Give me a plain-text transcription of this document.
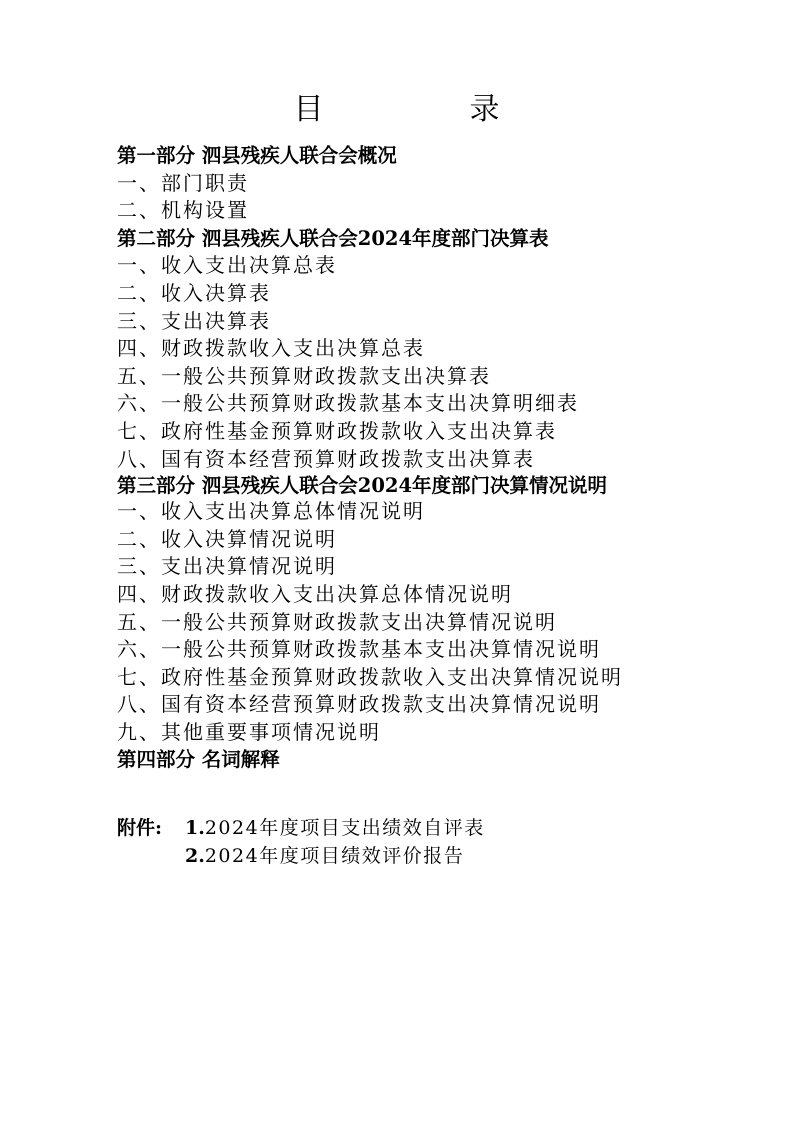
目　录
第一部分 泗县残疾人联合会概况
一、部门职责
二、机构设置
第二部分 泗县残疾人联合会2024年度部门决算表
一、收入支出决算总表
二、收入决算表
三、支出决算表
四、财政拨款收入支出决算总表
五、一般公共预算财政拨款支出决算表
六、一般公共预算财政拨款基本支出决算明细表
七、政府性基金预算财政拨款收入支出决算表
八、国有资本经营预算财政拨款支出决算表
第三部分 泗县残疾人联合会2024年度部门决算情况说明
一、收入支出决算总体情况说明
二、收入决算情况说明
三、支出决算情况说明
四、财政拨款收入支出决算总体情况说明
五、一般公共预算财政拨款支出决算情况说明
六、一般公共预算财政拨款基本支出决算情况说明
七、政府性基金预算财政拨款收入支出决算情况说明
八、国有资本经营预算财政拨款支出决算情况说明
九、其他重要事项情况说明
第四部分 名词解释
附件: 1.2024年度项目支出绩效自评表
2.2024年度项目绩效评价报告
